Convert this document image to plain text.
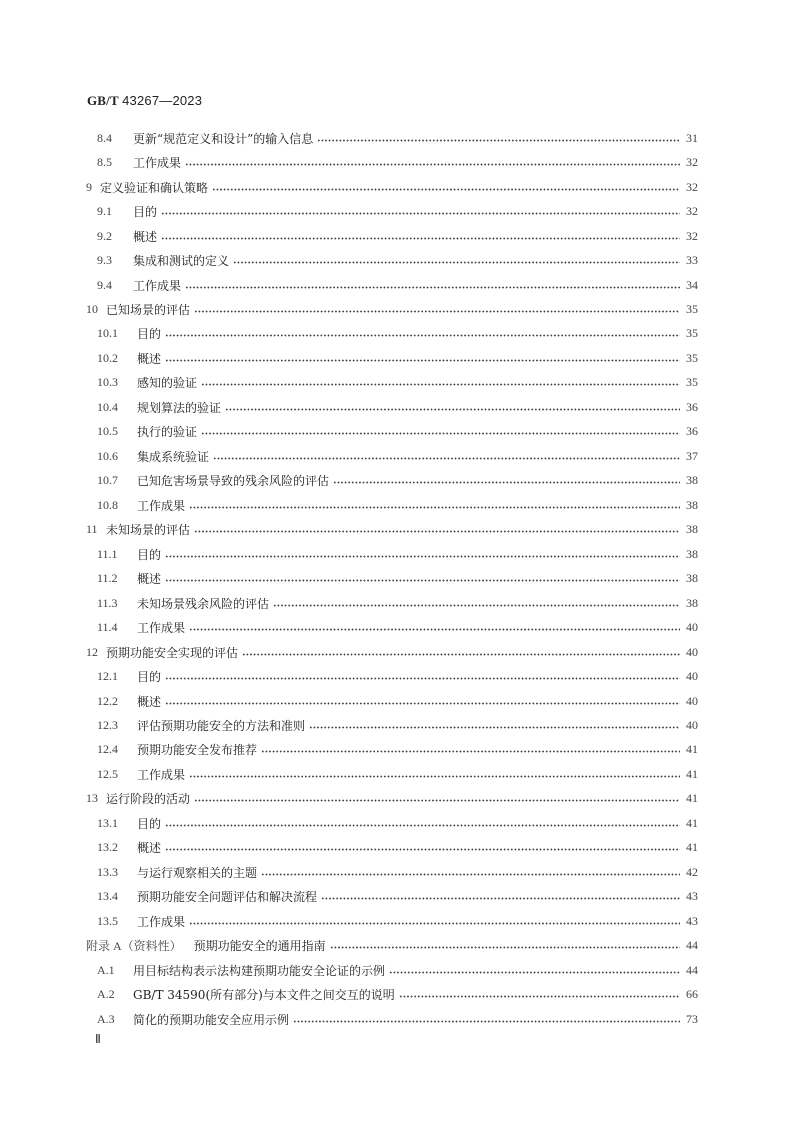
GB/T 43267—2023
8.4	更新“规范定义和设计”的输入信息	31
8.5	工作成果	32
9 定义验证和确认策略	32
9.1	目的	32
9.2	概述	32
9.3	集成和测试的定义	33
9.4	工作成果	34
10 已知场景的评估	35
10.1	目的	35
10.2	概述	35
10.3	感知的验证	35
10.4	规划算法的验证	36
10.5	执行的验证	36
10.6	集成系统验证	37
10.7	已知危害场景导致的残余风险的评估	38
10.8	工作成果	38
11 未知场景的评估	38
11.1	目的	38
11.2	概述	38
11.3	未知场景残余风险的评估	38
11.4	工作成果	40
12 预期功能安全实现的评估	40
12.1	目的	40
12.2	概述	40
12.3	评估预期功能安全的方法和准则	40
12.4	预期功能安全发布推荐	41
12.5	工作成果	41
13 运行阶段的活动	41
13.1	目的	41
13.2	概述	41
13.3	与运行观察相关的主题	42
13.4	预期功能安全问题评估和解决流程	43
13.5	工作成果	43
附录 A（资料性） 预期功能安全的通用指南	44
A.1	用目标结构表示法构建预期功能安全论证的示例	44
A.2	GB/T 34590(所有部分)与本文件之间交互的说明	66
A.3	简化的预期功能安全应用示例	73
Ⅱ
